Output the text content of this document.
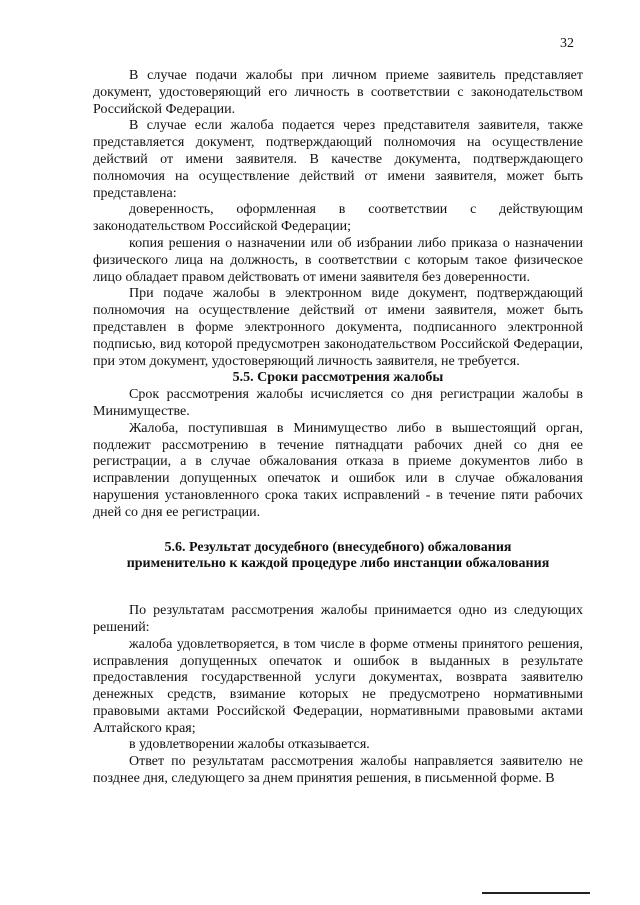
32

В случае подачи жалобы при личном приеме заявитель представляет документ, удостоверяющий его личность в соответствии с законодательством Российской Федерации.

В случае если жалоба подается через представителя заявителя, также представляется документ, подтверждающий полномочия на осуществление действий от имени заявителя. В качестве документа, подтверждающего полномочия на осуществление действий от имени заявителя, может быть представлена:

доверенность, оформленная в соответствии с действующим законодательством Российской Федерации;

копия решения о назначении или об избрании либо приказа о назначении физического лица на должность, в соответствии с которым такое физическое лицо обладает правом действовать от имени заявителя без доверенности.

При подаче жалобы в электронном виде документ, подтверждающий полномочия на осуществление действий от имени заявителя, может быть представлен в форме электронного документа, подписанного электронной подписью, вид которой предусмотрен законодательством Российской Федерации, при этом документ, удостоверяющий личность заявителя, не требуется.

5.5. Сроки рассмотрения жалобы

Срок рассмотрения жалобы исчисляется со дня регистрации жалобы в Минимуществе.

Жалоба, поступившая в Минимущество либо в вышестоящий орган, подлежит рассмотрению в течение пятнадцати рабочих дней со дня ее регистрации, а в случае обжалования отказа в приеме документов либо в исправлении допущенных опечаток и ошибок или в случае обжалования нарушения установленного срока таких исправлений - в течение пяти рабочих дней со дня ее регистрации.

5.6. Результат досудебного (внесудебного) обжалования

применительно к каждой процедуре либо инстанции обжалования

По результатам рассмотрения жалобы принимается одно из следующих решений:

жалоба удовлетворяется, в том числе в форме отмены принятого решения, исправления допущенных опечаток и ошибок в выданных в результате предоставления государственной услуги документах, возврата заявителю денежных средств, взимание которых не предусмотрено нормативными правовыми актами Российской Федерации, нормативными правовыми актами Алтайского края;

в удовлетворении жалобы отказывается.

Ответ по результатам рассмотрения жалобы направляется заявителю не позднее дня, следующего за днем принятия решения, в письменной форме. В
